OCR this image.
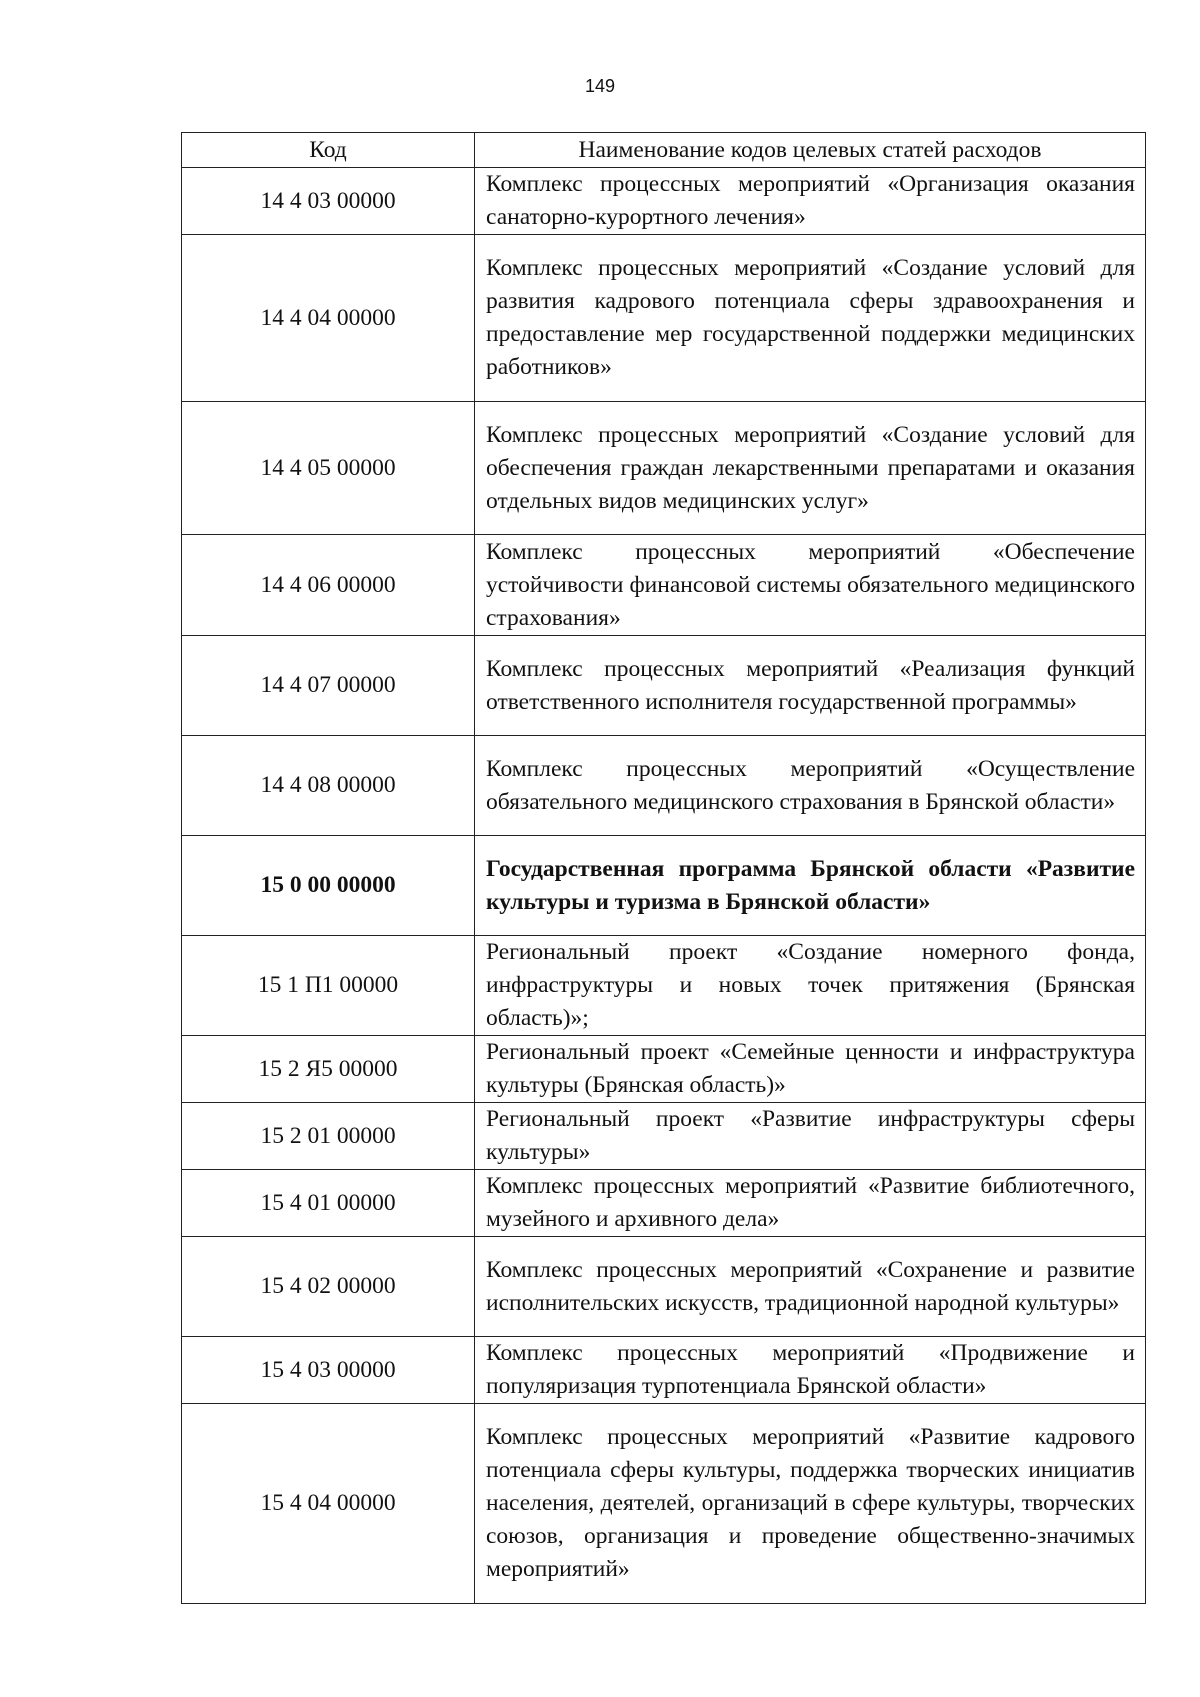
149
Код	Наименование кодов целевых статей расходов
14 4 03 00000	Комплекс процессных мероприятий «Организация оказания санаторно-курортного лечения»
14 4 04 00000	Комплекс процессных мероприятий «Создание условий для развития кадрового потенциала сферы здравоохранения и предоставление мер государственной поддержки медицинских работников»
14 4 05 00000	Комплекс процессных мероприятий «Создание условий для обеспечения граждан лекарственными препаратами и оказания отдельных видов медицинских услуг»
14 4 06 00000	Комплекс процессных мероприятий «Обеспечение устойчивости финансовой системы обязательного медицинского страхования»
14 4 07 00000	Комплекс процессных мероприятий «Реализация функций ответственного исполнителя государственной программы»
14 4 08 00000	Комплекс процессных мероприятий «Осуществление обязательного медицинского страхования в Брянской области»
15 0 00 00000	Государственная программа Брянской области «Развитие культуры и туризма в Брянской области»
15 1 П1 00000	Региональный проект «Создание номерного фонда, инфраструктуры и новых точек притяжения (Брянская область)»;
15 2 Я5 00000	Региональный проект «Семейные ценности и инфраструктура культуры (Брянская область)»
15 2 01 00000	Региональный проект «Развитие инфраструктуры сферы культуры»
15 4 01 00000	Комплекс процессных мероприятий «Развитие библиотечного, музейного и архивного дела»
15 4 02 00000	Комплекс процессных мероприятий «Сохранение и развитие исполнительских искусств, традиционной народной культуры»
15 4 03 00000	Комплекс процессных мероприятий «Продвижение и популяризация турпотенциала Брянской области»
15 4 04 00000	Комплекс процессных мероприятий «Развитие кадрового потенциала сферы культуры, поддержка творческих инициатив населения, деятелей, организаций в сфере культуры, творческих союзов, организация и проведение общественно-значимых мероприятий»
